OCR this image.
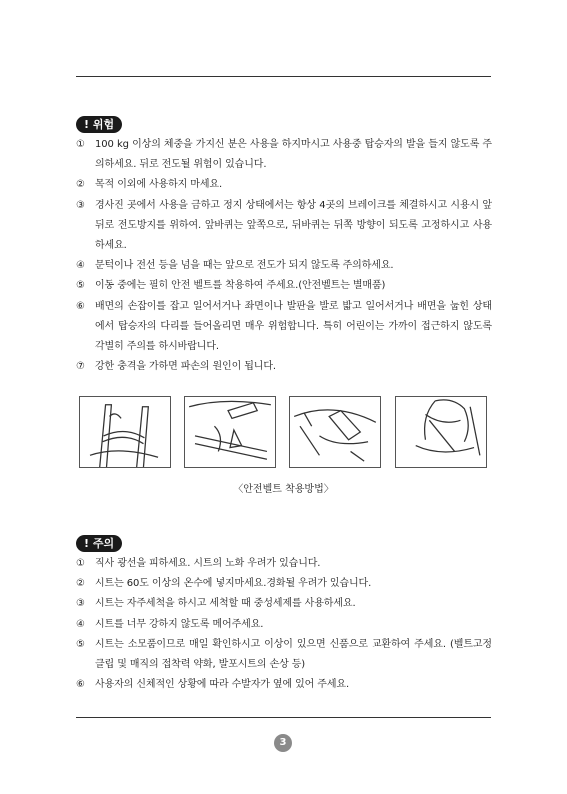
! 위험
① 100 kg 이상의 체중을 가지신 분은 사용을 하지마시고 사용중 탑승자의 발을 들지 않도록 주의하세요. 뒤로 전도될 위험이 있습니다.
② 목적 이외에 사용하지 마세요.
③ 경사진 곳에서 사용을 금하고 정지 상태에서는 항상 4곳의 브레이크를 체결하시고 시용시 앞뒤로 전도방지를 위하여. 앞바퀴는 앞쪽으로, 뒤바퀴는 뒤쪽 방향이 되도록 고정하시고 사용하세요.
④ 문턱이나 전선 등을 넘을 때는 앞으로 전도가 되지 않도록 주의하세요.
⑤ 이동 중에는 필히 안전 벨트를 착용하여 주세요.(안전벨트는 별매품)
⑥ 배면의 손잡이를 잡고 일어서거나 좌면이나 발판을 발로 밟고 일어서거나 배면을 눕힌 상태에서 탑승자의 다리를 들어올리면 매우 위험합니다. 특히 어린이는 가까이 접근하지 않도록 각별히 주의를 하시바랍니다.
⑦ 강한 충격을 가하면 파손의 원인이 됩니다.
〈안전벨트 착용방법〉
! 주의
① 직사 광선을 피하세요. 시트의 노화 우려가 있습니다.
② 시트는 60도 이상의 온수에 넣지마세요.경화될 우려가 있습니다.
③ 시트는 자주세척을 하시고 세척할 때 중성세제를 사용하세요.
④ 시트를 너무 강하지 않도록 메어주세요.
⑤ 시트는 소모품이므로 매일 확인하시고 이상이 있으면 신품으로 교환하여 주세요. (벨트고정 클립 및 매직의 접착력 약화, 발포시트의 손상 등)
⑥ 사용자의 신체적인 상황에 따라 수발자가 옆에 있어 주세요.
3
